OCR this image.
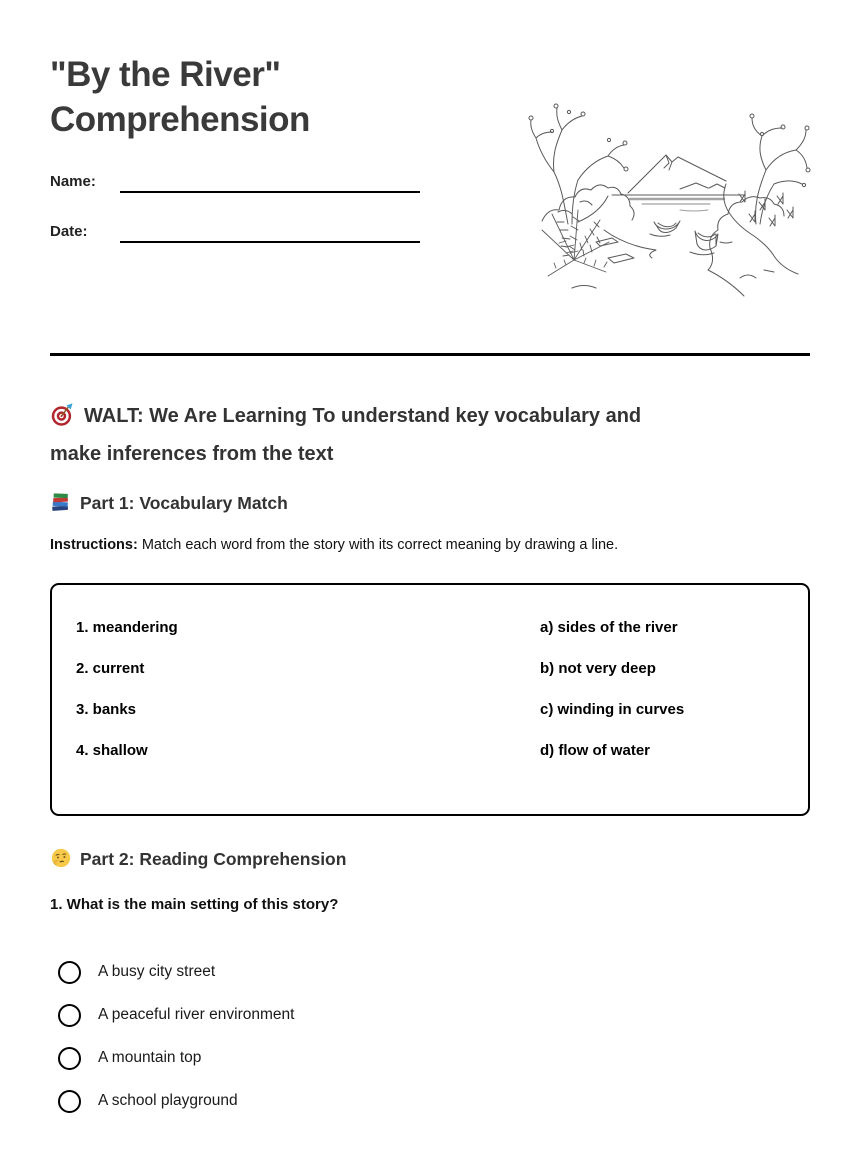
"By the River" Comprehension
Name:
Date:
WALT: We Are Learning To understand key vocabulary and
make inferences from the text
Part 1: Vocabulary Match
Instructions: Match each word from the story with its correct meaning by drawing a line.
1. meandering	a) sides of the river
2. current	b) not very deep
3. banks	c) winding in curves
4. shallow	d) flow of water
Part 2: Reading Comprehension
1. What is the main setting of this story?
A busy city street
A peaceful river environment
A mountain top
A school playground
